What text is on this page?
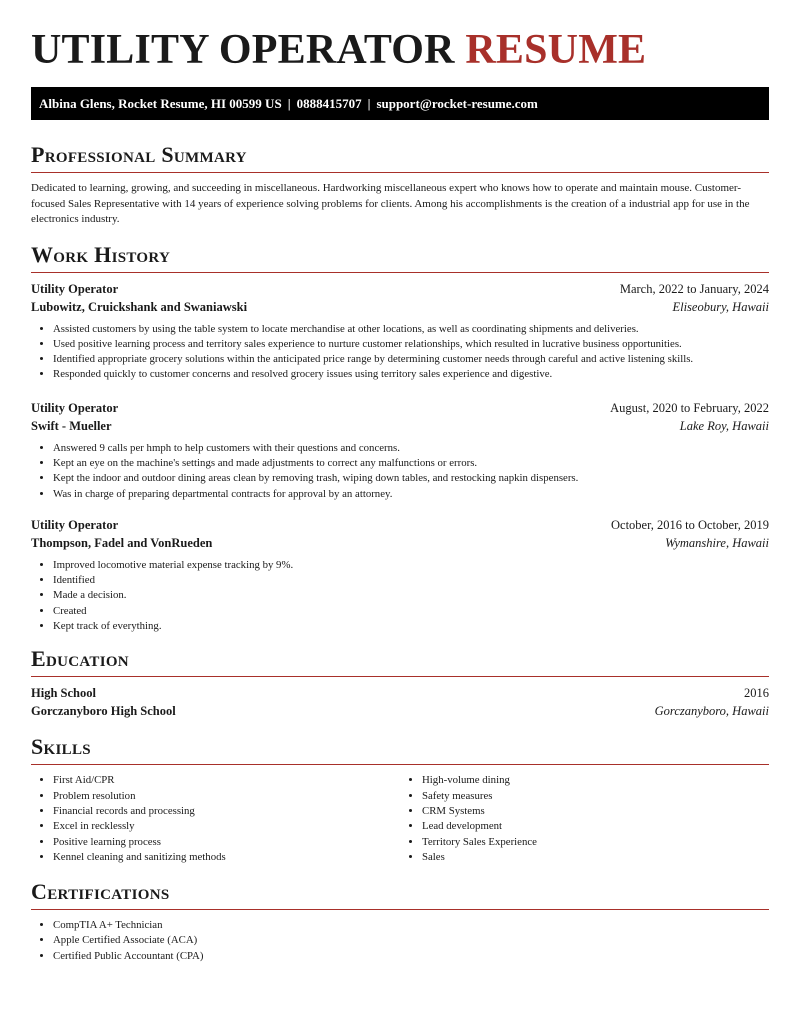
UTILITY OPERATOR RESUME
Albina Glens, Rocket Resume, HI 00599 US | 0888415707 | support@rocket-resume.com
Professional Summary

Dedicated to learning, growing, and succeeding in miscellaneous. Hardworking miscellaneous expert who knows how to operate and maintain mouse. Customer-focused Sales Representative with 14 years of experience solving problems for clients. Among his accomplishments is the creation of a industrial app for use in the electronics industry.

Work History
Utility Operator	March, 2022 to January, 2024
Lubowitz, Cruickshank and Swaniawski	Eliseobury, Hawaii
• Assisted customers by using the table system to locate merchandise at other locations, as well as coordinating shipments and deliveries.
• Used positive learning process and territory sales experience to nurture customer relationships, which resulted in lucrative business opportunities.
• Identified appropriate grocery solutions within the anticipated price range by determining customer needs through careful and active listening skills.
• Responded quickly to customer concerns and resolved grocery issues using territory sales experience and digestive.
Utility Operator	August, 2020 to February, 2022
Swift - Mueller	Lake Roy, Hawaii
• Answered 9 calls per hmph to help customers with their questions and concerns.
• Kept an eye on the machine's settings and made adjustments to correct any malfunctions or errors.
• Kept the indoor and outdoor dining areas clean by removing trash, wiping down tables, and restocking napkin dispensers.
• Was in charge of preparing departmental contracts for approval by an attorney.
Utility Operator	October, 2016 to October, 2019
Thompson, Fadel and VonRueden	Wymanshire, Hawaii
• Improved locomotive material expense tracking by 9%.
• Identified
• Made a decision.
• Created
• Kept track of everything.
Education
High School	2016
Gorczanyboro High School	Gorczanyboro, Hawaii
Skills
• First Aid/CPR
• Problem resolution
• Financial records and processing
• Excel in recklessly
• Positive learning process
• Kennel cleaning and sanitizing methods
• High-volume dining
• Safety measures
• CRM Systems
• Lead development
• Territory Sales Experience
• Sales
Certifications
• CompTIA A+ Technician
• Apple Certified Associate (ACA)
• Certified Public Accountant (CPA)
